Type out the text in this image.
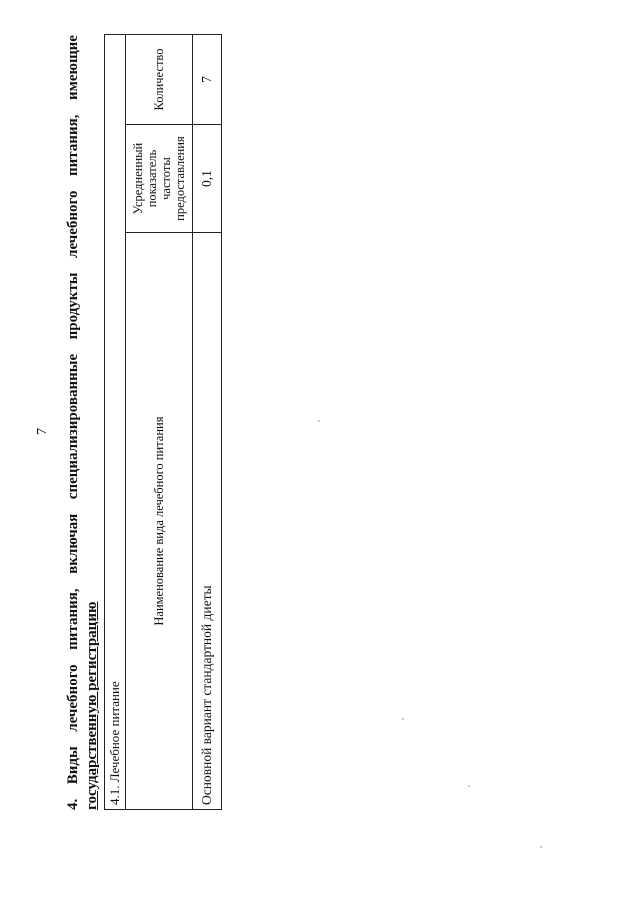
7
4.
Виды
лечебного
питания,
включая
специализированные
продукты
лечебного
питания,
имеющие
государственную регистрацию 4.1. Лечебное питание		
Наименование вида лечебного питания	Усредненный показатель частоты предоставления	Количество
Основной вариант стандартной диеты	0,1	7
